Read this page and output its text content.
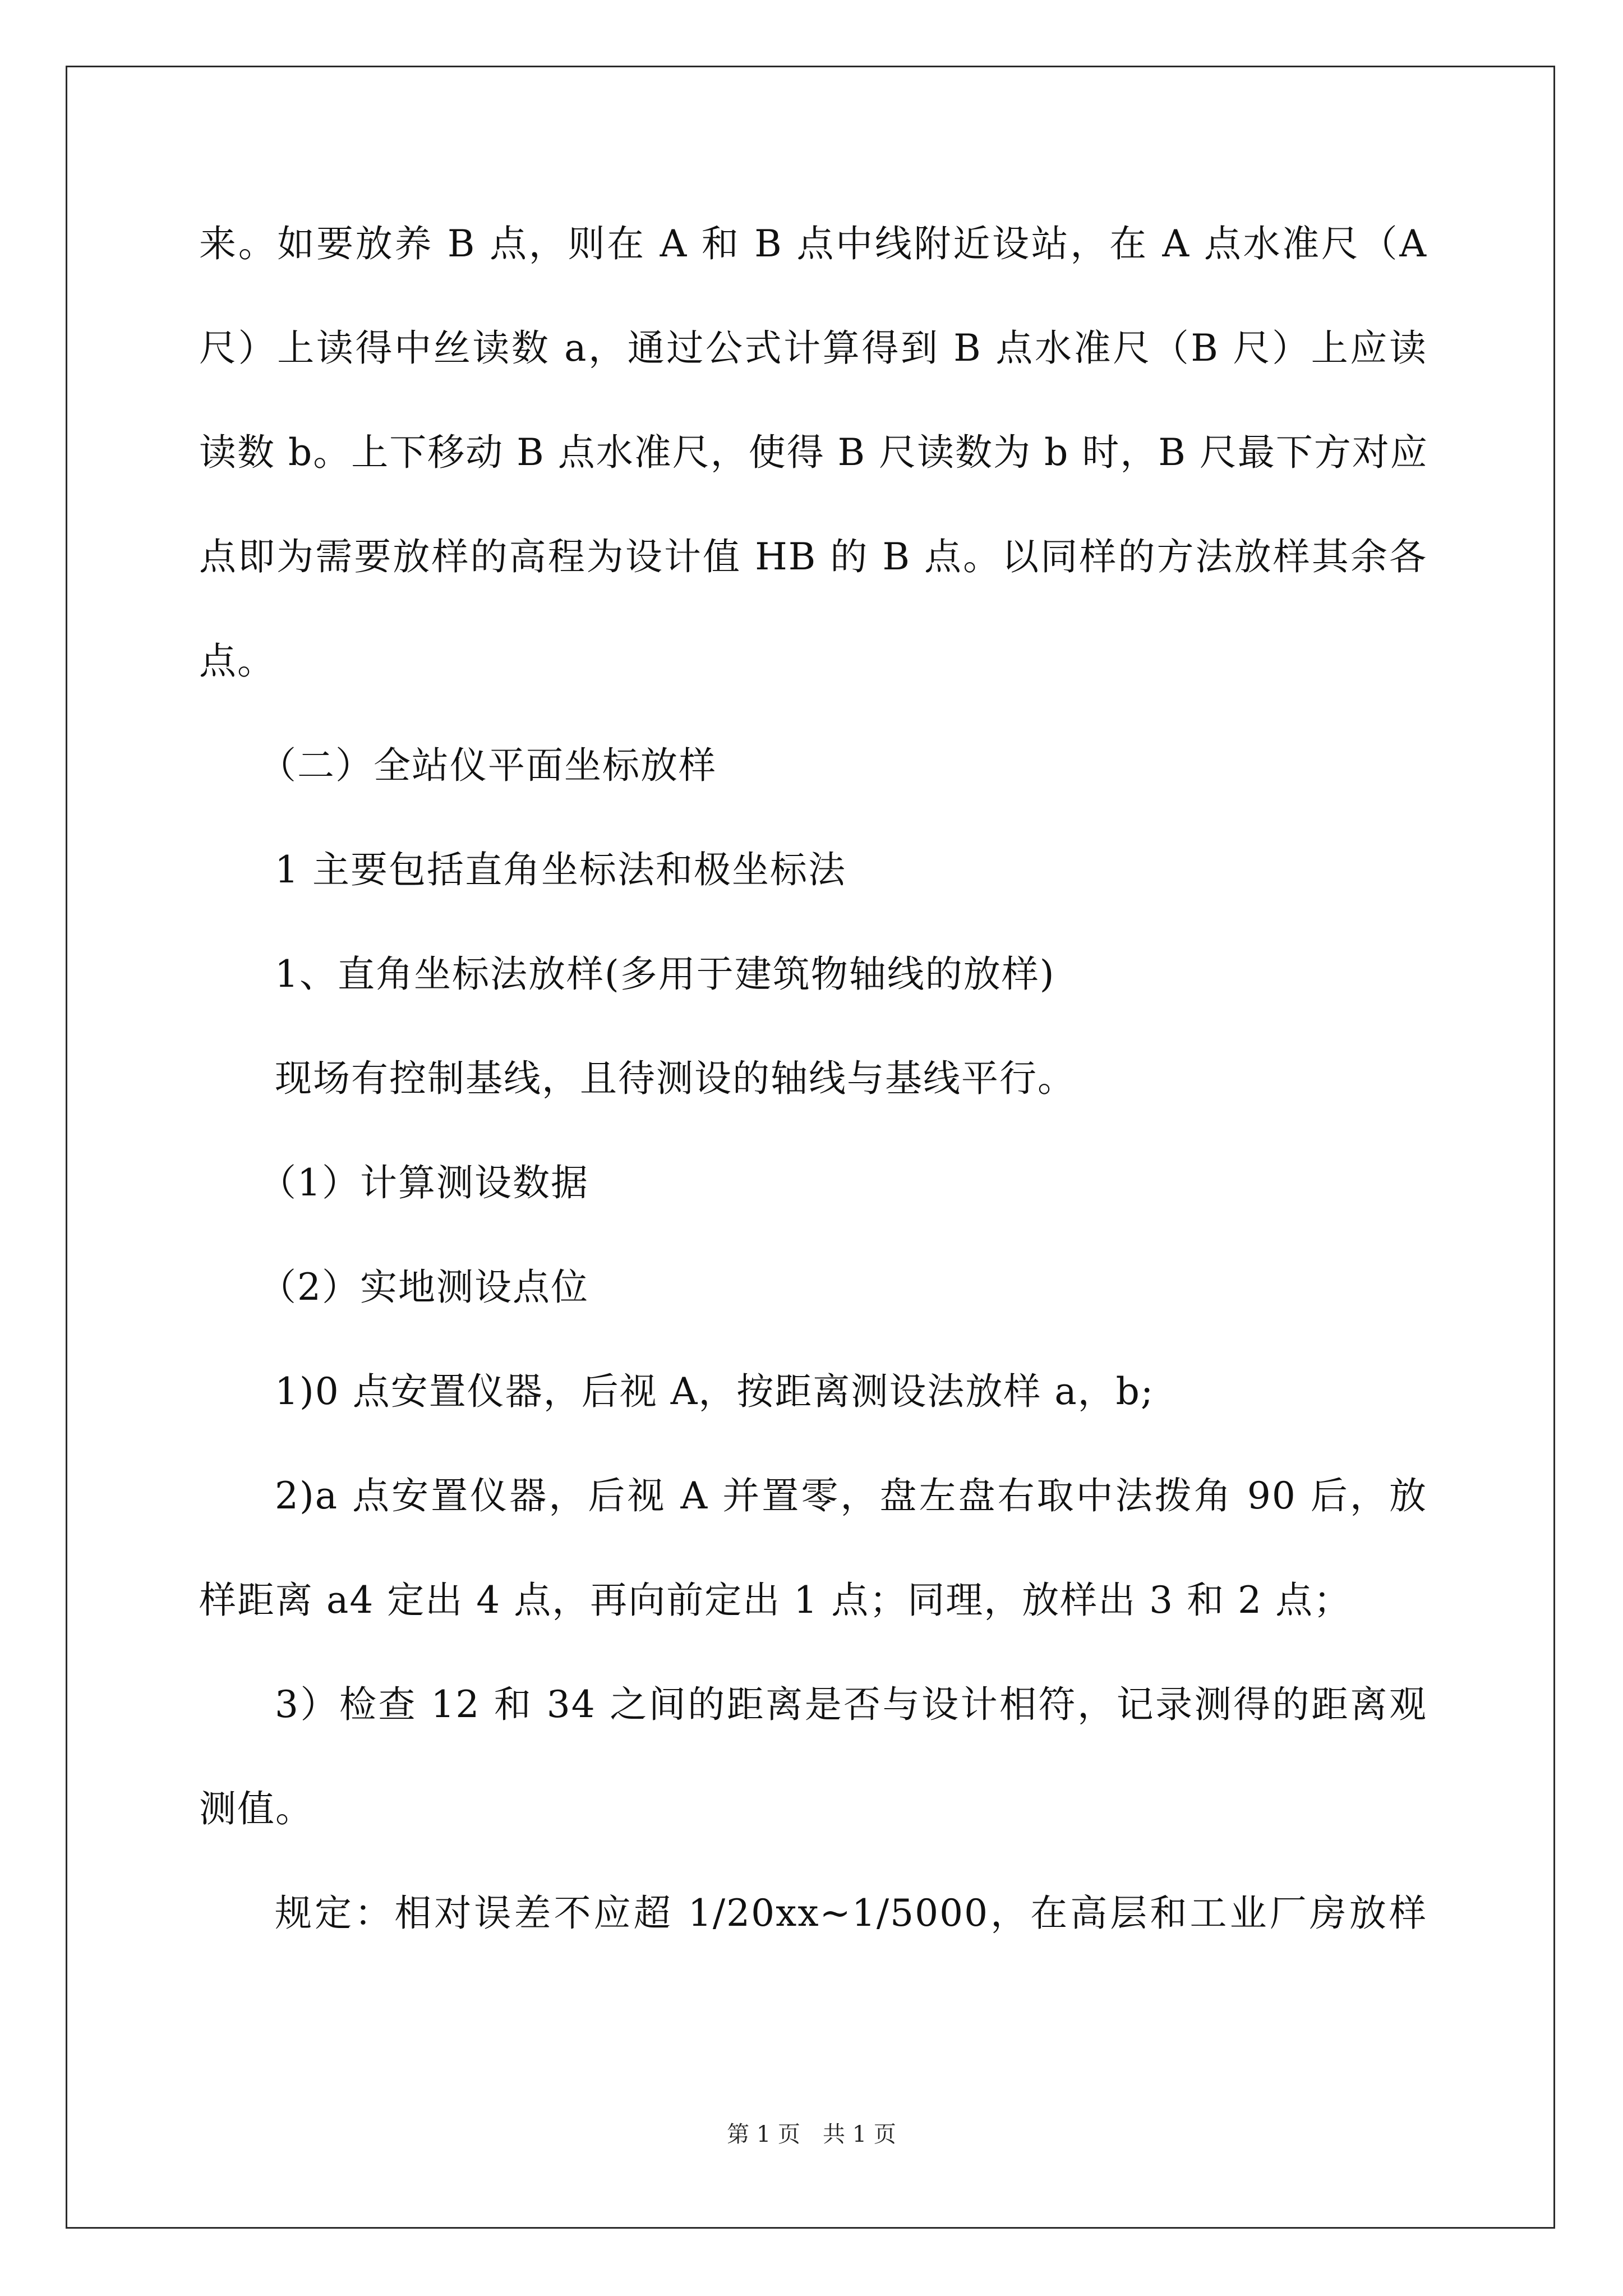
来。如要放养 B 点，则在 A 和 B 点中线附近设站，在 A 点水准尺（A
尺）上读得中丝读数 a，通过公式计算得到 B 点水准尺（B 尺）上应读
读数 b。上下移动 B 点水准尺，使得 B 尺读数为 b 时，B 尺最下方对应
点即为需要放样的高程为设计值 HB 的 B 点。以同样的方法放样其余各
点。
（二）全站仪平面坐标放样
1 主要包括直角坐标法和极坐标法
1、直角坐标法放样(多用于建筑物轴线的放样)
现场有控制基线，且待测设的轴线与基线平行。
（1）计算测设数据
（2）实地测设点位
1)0 点安置仪器，后视 A，按距离测设法放样 a，b;
2)a 点安置仪器，后视 A 并置零，盘左盘右取中法拨角 90 后，放
样距离 a4 定出 4 点，再向前定出 1 点；同理，放样出 3 和 2 点；
3）检查 12 和 34 之间的距离是否与设计相符，记录测得的距离观
测值。
规定：相对误差不应超 1/20xx~1/5000，在高层和工业厂房放样
第 1 页　共 1 页
